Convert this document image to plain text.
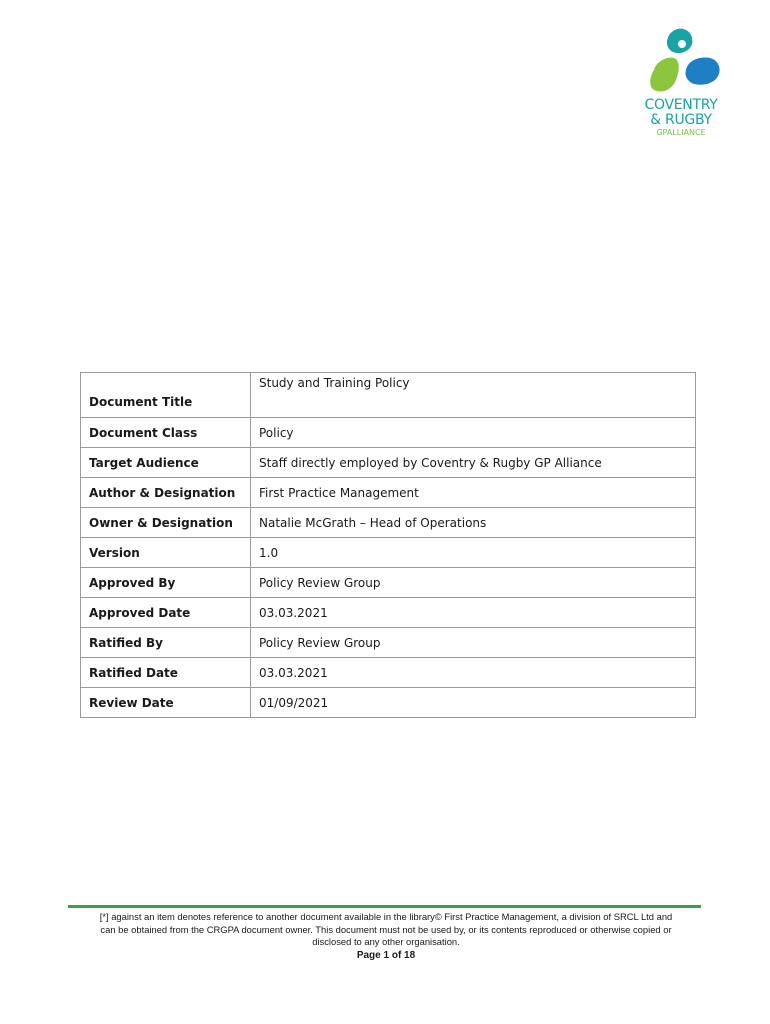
COVENTRY
& RUGBY
GPALLIANCE
Document Title	Study and Training Policy
Document Class	Policy
Target Audience	Staff directly employed by Coventry & Rugby GP Alliance
Author & Designation	First Practice Management
Owner & Designation	Natalie McGrath – Head of Operations
Version	1.0
Approved By	Policy Review Group
Approved Date	03.03.2021
Ratified By	Policy Review Group
Ratified Date	03.03.2021
Review Date	01/09/2021
[*] against an item denotes reference to another document available in the library© First Practice Management, a division of SRCL Ltd and
can be obtained from the CRGPA document owner. This document must not be used by, or its contents reproduced or otherwise copied or
disclosed to any other organisation.
Page 1 of 18
